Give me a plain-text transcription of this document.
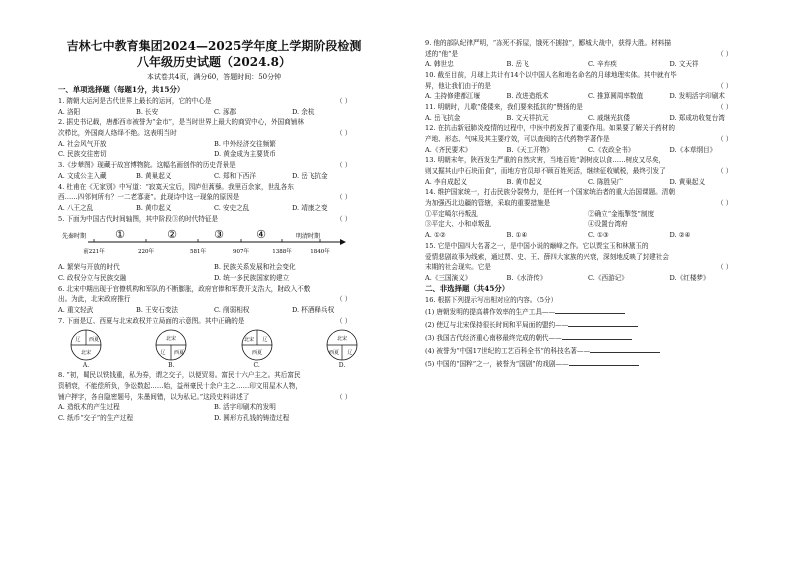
吉林七中教育集团2024—2025学年度上学期阶段检测
八年级历史试题（2024.8）
本试卷共4页，满分60，答题时间：50分钟
一、单项选择题（每题1分，共15分）
1. 隋朝大运河是古代世界上最长的运河，它的中心是	（ ）
A. 洛阳	B. 长安	C. 涿郡	D. 余杭
2. 据史书记载，唐都西市被誉为“金市”，是当时世界上最大的商贸中心，外国商铺林
次栉比，外国商人络绎不绝。这表明当时	（ ）
A. 社会风气开放	B. 中外经济交往频繁
C. 民族交往密切	D. 黄金成为主要货币
3.《步辇图》现藏于故宫博物院。这幅名画创作的历史背景是	（ ）
A. 文成公主入藏	B. 黄巢起义	C. 郑和下西洋	D. 岳飞抗金
4. 杜甫在《无家别》中写道：“寂寞天宝后，园庐但蒿藜。我里百余家，世乱各东
西……四邻何所有？一二老寡妻”。此现诗中这一现象的原因是	（ ）
A. 八王之乱	B. 黄巾起义	C. 安史之乱	D. 靖康之变
5. 下面为中国古代时间轴图，其中阶段③的时代特征是	（ ）
先秦时期	明清时期
①	②	③	④
前221年	220年	581年	907年	1388年	1840年
A. 繁荣与开放的时代	B. 民族关系发展和社会变化
C. 政权分立与民族交融	D. 统一多民族国家的建立
6. 北宋中期出现于官僚机构和军队的不断膨胀，政府官俸和军费开支浩大，財政入不敷
出。为此，北宋政府推行	（ ）
A. 重文轻武	B. 王安石变法	C. 削弱相权	D. 杯酒释兵权
7. 下面是辽、西夏与北宋政权并立局面的示意图。其中正确的是	（ ）
辽 西夏
北宋
A.
北宋
辽 西夏
B.
北宋 辽
西夏
C.
北宋
西夏 辽
D.
8. “初，蜀民以铁钱重，私为券，谓之交子，以便贸易。富民十六户主之。其后富民
资稍衰，不能偿所负，争讼数起……始，益州豪民十余户主之……印文用屋木人物，
铺户押字，各自隐密题号，朱墨间错，以为私记。”这段史料讲述了	（ ）
A. 造纸术的产生过程	B. 活字印刷术的发明
C. 纸币“交子”的生产过程	D. 圆形方孔钱的铸造过程
9. 他的部队纪律严明，“冻死不拆屋，饿死不掳掠”，郾城大战中，获得大胜。材料描
述的“他”是	（ ）
A. 韩世忠	B. 岳飞	C. 辛弃疾	D. 文天祥
10. 截至目前，月球上共计有14个以中国人名和地名命名的月球地理实体。其中就有毕
昇，他让我们由于的是	（ ）
A. 主持修建都江堰	B. 改进造纸术	C. 推算圆周率数值	D. 发明活字印刷术
11. 明朝时，儿歌“倭倭来，我们要来抵抗的”赞扬的是	（ ）
A. 岳飞抗金	B. 文天祥抗元	C. 戚继光抗倭	D. 郑成功收复台湾
12. 在抗击新冠肺炎疫情的过程中，中医中药发挥了重要作用。如果要了解关于药材的
产地、形态、气味及其主要疗效，可以查阅的古代药物学著作是	（ ）
A.《齐民要术》	B.《天工开物》	C.《农政全书》	D.《本草纲目》
13. 明朝末年，陕西发生严重的自然灾害，当地百姓“剥树皮以食……树皮又尽矣，
则又掘其山中石块而食”，而地方官员却不顾百姓死活，继续征收赋税，最终引发了	（ ）
A. 李自成起义	B. 黄巾起义	C. 陈胜吴广	D. 黄巢起义
14. 维护国家统一，打击民族分裂势力，是任何一个国家统治者的重大治国课题。清朝
为加强西北边疆的管辖，采取的重要措施是	（ ）
①平定噶尔丹叛乱	②确立“金瓶掣签”制度
③平定大、小和卓叛乱	④设置台湾府
A. ①②	B. ①④	C. ①③	D. ②④
15. 它是中国四大名著之一，是中国小说的巅峰之作。它以贾宝玉和林黛玉的
爱情悲剧故事为线索，通过贾、史、王、薛四大家族的兴衰，深刻地反映了封建社会
末期的社会现实。它是	（ ）
A.《三国演义》	B.《水浒传》	C.《西游记》	D.《红楼梦》
二、非选择题（共45分）
16. 根据下列提示写出相对应的内容。（5分）
(1) 唐朝发明的提高耕作效率的生产工具——
(2) 使辽与北宋保持很长时间和平局面的盟约——
(3) 我国古代经济重心南移最终完成的朝代——
(4) 被誉为“中国17世纪的工艺百科全书”的科技名著——
(5) 中国的“国粹”之一，被誉为“国剧”的戏剧——
